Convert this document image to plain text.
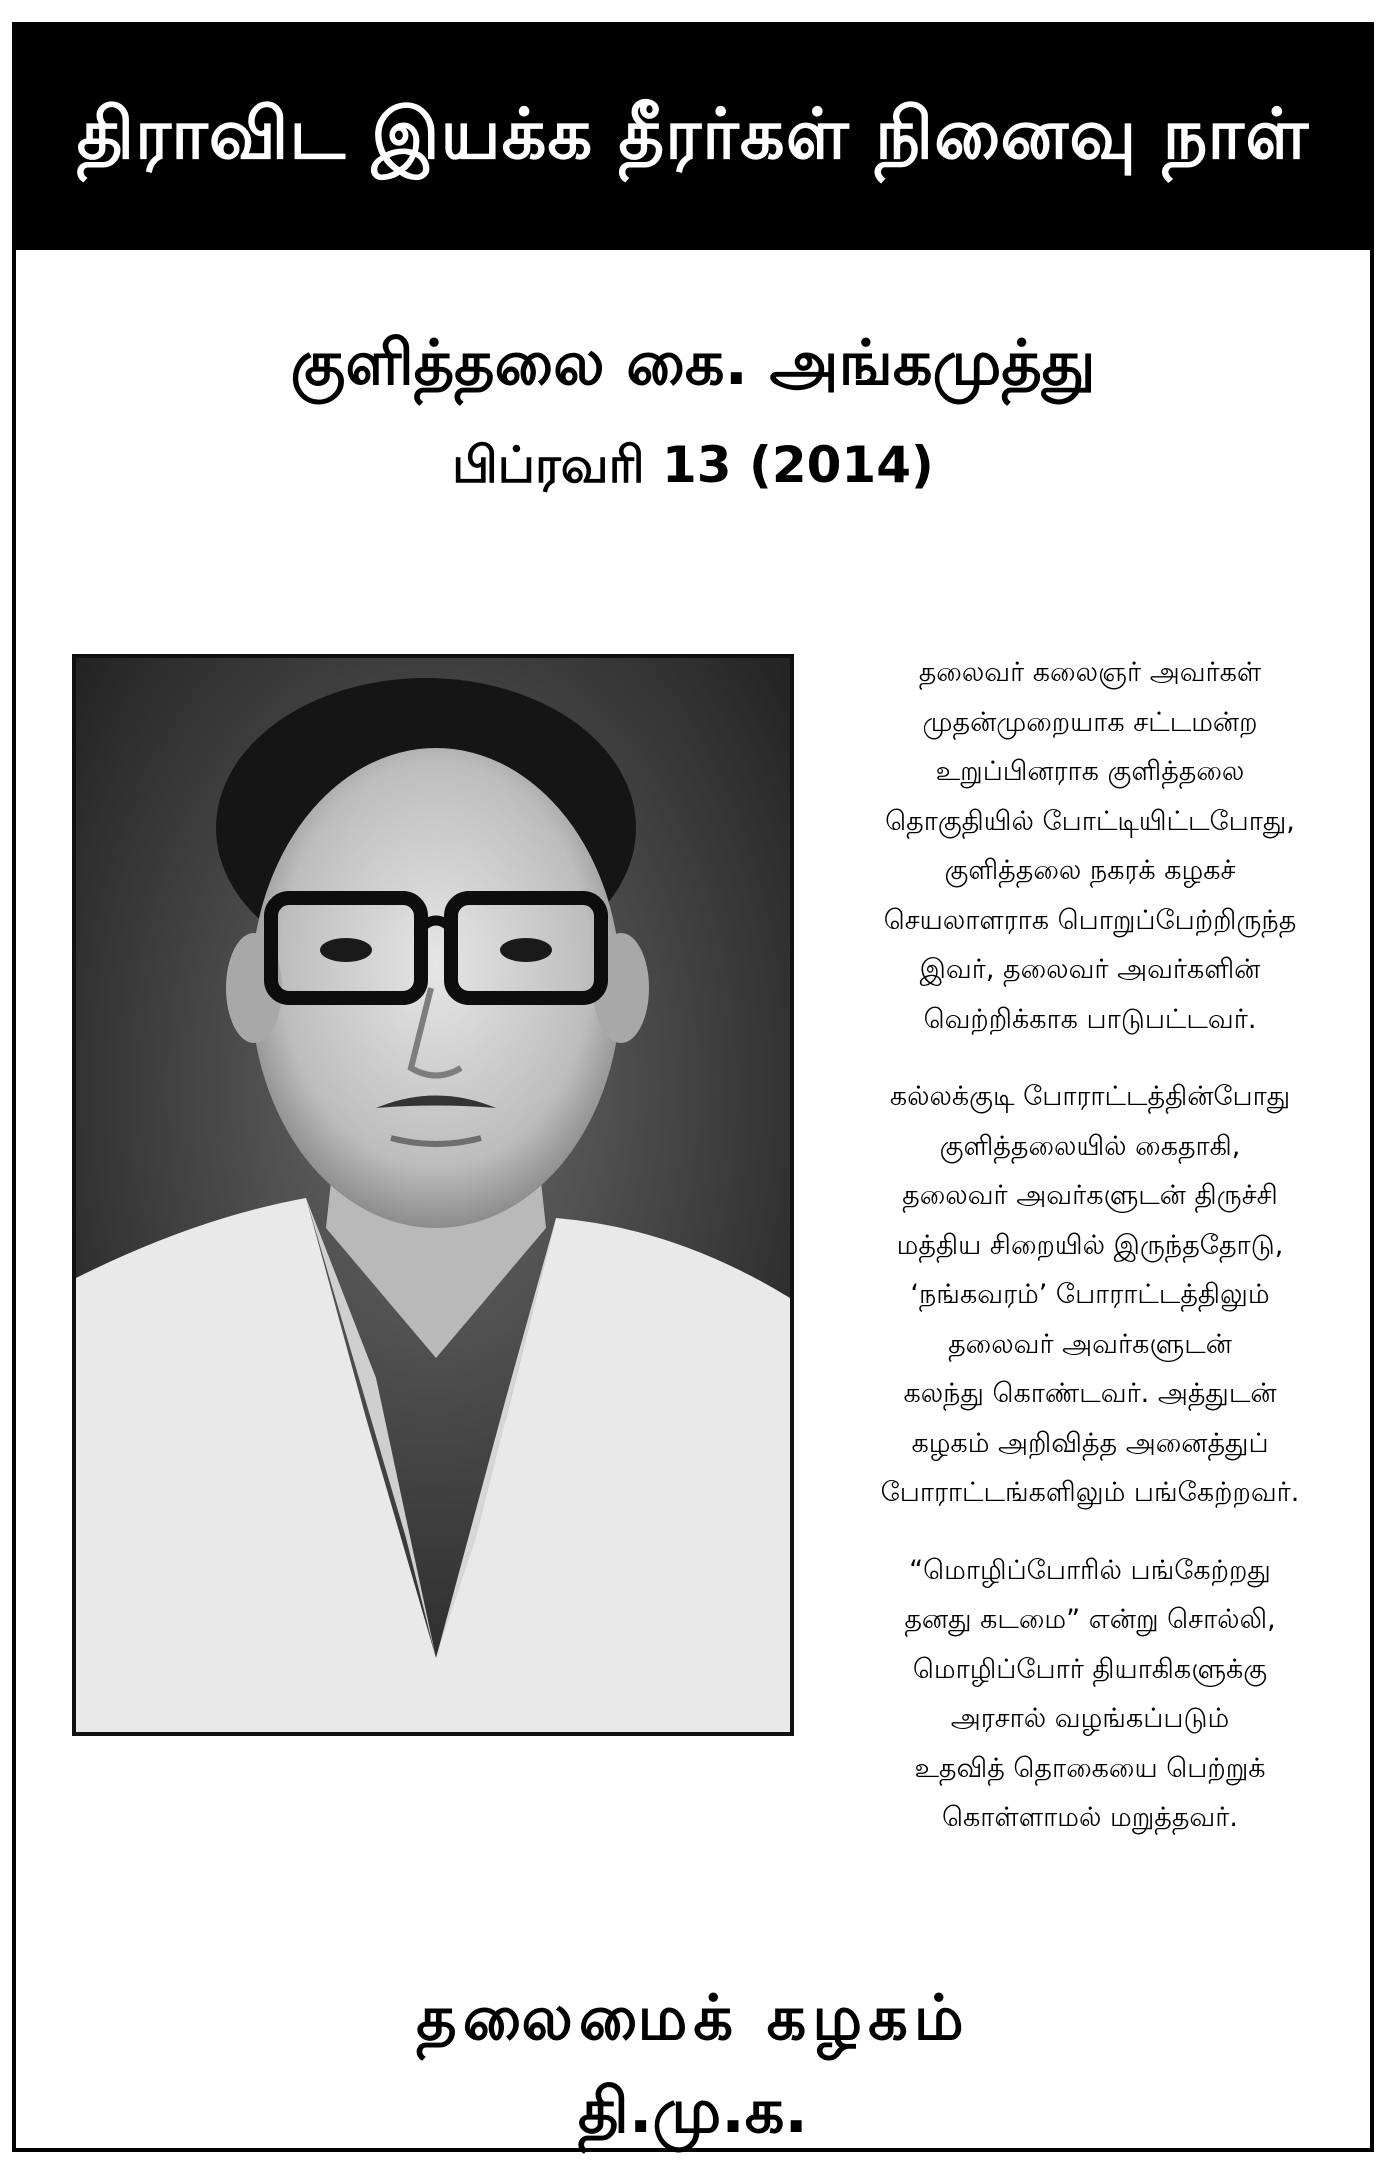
திராவிட இயக்க தீரர்கள் நினைவு நாள்
குளித்தலை கை. அங்கமுத்து
பிப்ரவரி 13 (2014)

தலைவர் கலைஞர் அவர்கள்
முதன்முறையாக சட்டமன்ற
உறுப்பினராக குளித்தலை
தொகுதியில் போட்டியிட்டபோது,
குளித்தலை நகரக் கழகச்
செயலாளராக பொறுப்பேற்றிருந்த
இவர், தலைவர் அவர்களின்
வெற்றிக்காக பாடுபட்டவர்.

கல்லக்குடி போராட்டத்தின்போது
குளித்தலையில் கைதாகி,
தலைவர் அவர்களுடன் திருச்சி
மத்திய சிறையில் இருந்ததோடு,
‘நங்கவரம்’ போராட்டத்திலும்
தலைவர் அவர்களுடன்
கலந்து கொண்டவர். அத்துடன்
கழகம் அறிவித்த அனைத்துப்
போராட்டங்களிலும் பங்கேற்றவர்.

“மொழிப்போரில் பங்கேற்றது
தனது கடமை” என்று சொல்லி,
மொழிப்போர் தியாகிகளுக்கு
அரசால் வழங்கப்படும்
உதவித் தொகையை பெற்றுக்
கொள்ளாமல் மறுத்தவர்.

தலைமைக் கழகம்
தி.மு.க.
